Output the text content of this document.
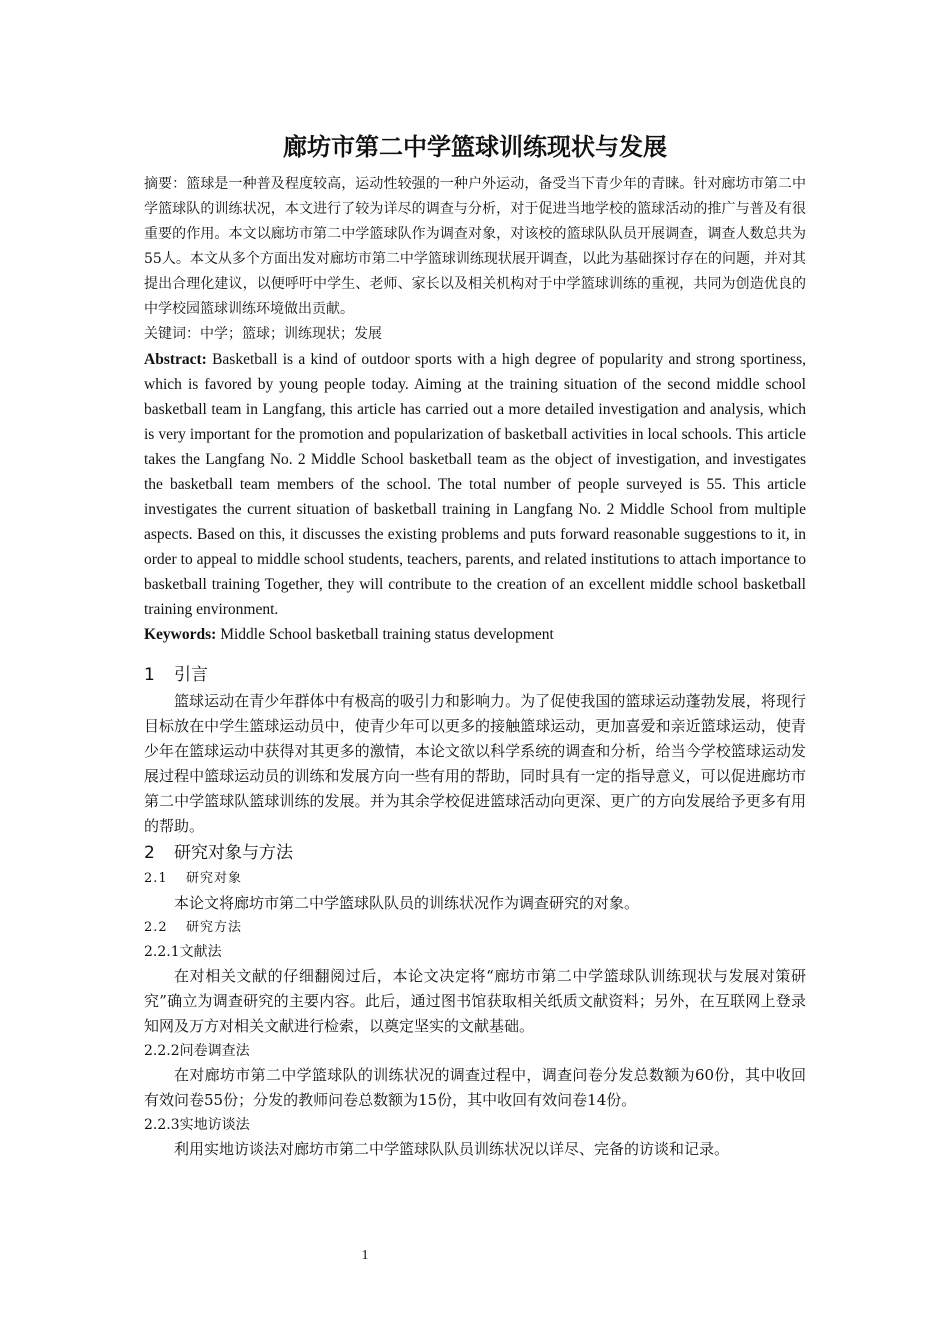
廊坊市第二中学篮球训练现状与发展

摘要：篮球是一种普及程度较高，运动性较强的一种户外运动，备受当下青少年的青睐。针对廊坊市第二中学篮球队的训练状况，本文进行了较为详尽的调查与分析，对于促进当地学校的篮球活动的推广与普及有很重要的作用。本文以廊坊市第二中学篮球队作为调查对象，对该校的篮球队队员开展调查，调查人数总共为55人。本文从多个方面出发对廊坊市第二中学篮球训练现状展开调查，以此为基础探讨存在的问题，并对其提出合理化建议，以便呼吁中学生、老师、家长以及相关机构对于中学篮球训练的重视，共同为创造优良的中学校园篮球训练环境做出贡献。

关键词：中学；篮球；训练现状；发展

Abstract: Basketball is a kind of outdoor sports with a high degree of popularity and strong sportiness, which is favored by young people today. Aiming at the training situation of the second middle school basketball team in Langfang, this article has carried out a more detailed investigation and analysis, which is very important for the promotion and popularization of basketball activities in local schools. This article takes the Langfang No. 2 Middle School basketball team as the object of investigation, and investigates the basketball team members of the school. The total number of people surveyed is 55. This article investigates the current situation of basketball training in Langfang No. 2 Middle School from multiple aspects. Based on this, it discusses the existing problems and puts forward reasonable suggestions to it, in order to appeal to middle school students, teachers, parents, and related institutions to attach importance to basketball training Together, they will contribute to the creation of an excellent middle school basketball training environment.

Keywords: Middle School basketball training status development

1 引言

篮球运动在青少年群体中有极高的吸引力和影响力。为了促使我国的篮球运动蓬勃发展，将现行目标放在中学生篮球运动员中，使青少年可以更多的接触篮球运动，更加喜爱和亲近篮球运动，使青少年在篮球运动中获得对其更多的激情，本论文欲以科学系统的调查和分析，给当今学校篮球运动发展过程中篮球运动员的训练和发展方向一些有用的帮助，同时具有一定的指导意义，可以促进廊坊市第二中学篮球队篮球训练的发展。并为其余学校促进篮球活动向更深、更广的方向发展给予更多有用的帮助。

2 研究对象与方法
2.1 研究对象

本论文将廊坊市第二中学篮球队队员的训练状况作为调查研究的对象。

2.2 研究方法
2.2.1文献法

在对相关文献的仔细翻阅过后，本论文决定将“廊坊市第二中学篮球队训练现状与发展对策研究”确立为调查研究的主要内容。此后，通过图书馆获取相关纸质文献资料；另外，在互联网上登录知网及万方对相关文献进行检索，以奠定坚实的文献基础。

2.2.2问卷调查法

在对廊坊市第二中学篮球队的训练状况的调查过程中，调查问卷分发总数额为60份，其中收回有效问卷55份；分发的教师问卷总数额为15份，其中收回有效问卷14份。

2.2.3实地访谈法

利用实地访谈法对廊坊市第二中学篮球队队员训练状况以详尽、完备的访谈和记录。

1
